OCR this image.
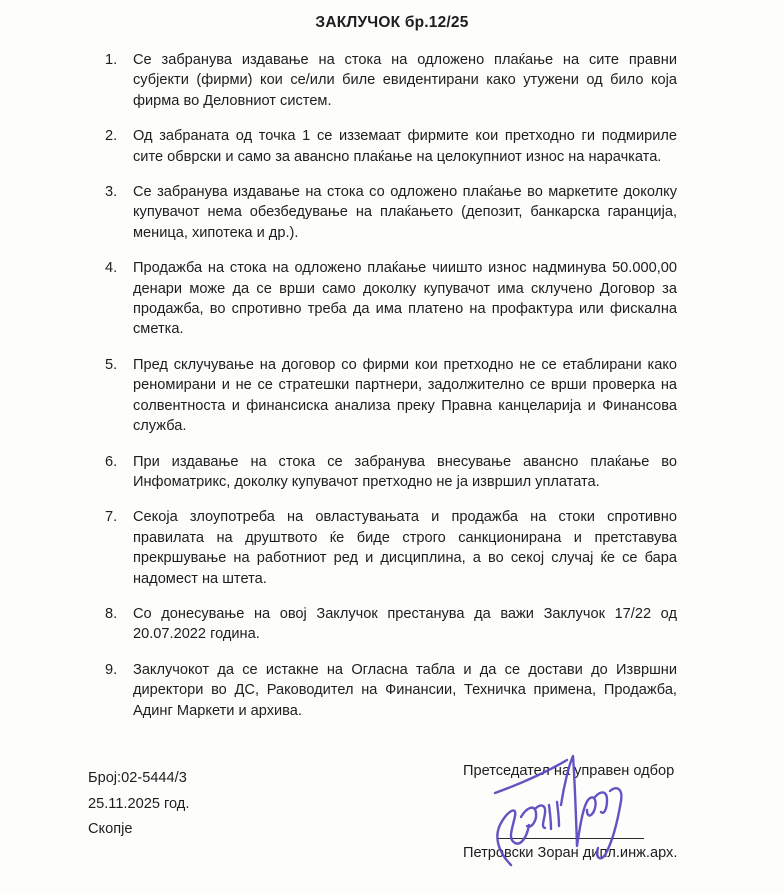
ЗАКЛУЧОК бр.12/25
1.	Се забранува издавање на стока на одложено плаќање на сите правни субјекти (фирми) кои се/или биле евидентирани како утужени од било која фирма во Деловниот систем.
2.	Од забраната од точка 1 се изземаат фирмите кои претходно ги подмириле сите обврски и само за авансно плаќање на целокупниот износ на нарачката.
3.	Се забранува издавање на стока со одложено плаќање во маркетите доколку купувачот нема обезбедување на плаќањето (депозит, банкарска гаранција, меница, хипотека и др.).
4.	Продажба на стока на одложено плаќање чиишто износ надминува 50.000,00 денари може да се врши само доколку купувачот има склучено Договор за продажба, во спротивно треба да има платено на профактура или фискална сметка.
5.	Пред склучување на договор со фирми кои претходно не се етаблирани како реномирани и не се стратешки партнери, задолжително се врши проверка на солвентноста и финансиска анализа преку Правна канцеларија и Финансова служба.
6.	При издавање на стока се забранува внесување авансно плаќање во Инфоматрикс, доколку купувачот претходно не ја извршил уплатата.
7.	Секоја злоупотреба на овластувањата и продажба на стоки спротивно правилата на друштвото ќе биде строго санкционирана и претставува прекршување на работниот ред и дисциплина, а во секој случај ќе се бара надомест на штета.
8.	Со донесување на овој Заклучок престанува да важи Заклучок 17/22 од 20.07.2022 година.
9.	Заклучокот да се истакне на Огласна табла и да се достави до Извршни директори во ДС, Раководител на Финансии, Техничка примена, Продажба, Адинг Маркети и архива.
Број:02-5444/3
25.11.2025 год.
Скопје
Претседател на управен одбор
Петровски Зоран дипл.инж.арх.
